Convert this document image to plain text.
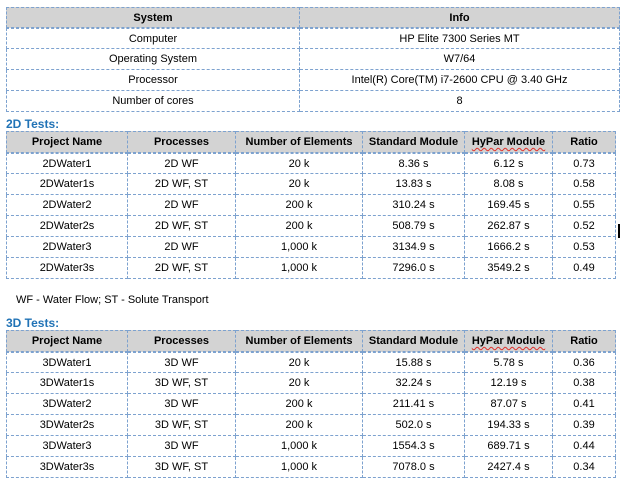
System	Info
Computer	HP Elite 7300 Series MT
Operating System	W7/64
Processor	Intel(R) Core(TM) i7-2600 CPU @ 3.40 GHz
Number of cores	8
2D Tests:
Project Name	Processes	Number of Elements	Standard Module	HyPar Module	Ratio
2DWater1	2D WF	20 k	8.36 s	6.12 s	0.73
2DWater1s	2D WF, ST	20 k	13.83 s	8.08 s	0.58
2DWater2	2D WF	200 k	310.24 s	169.45 s	0.55
2DWater2s	2D WF, ST	200 k	508.79 s	262.87 s	0.52
2DWater3	2D WF	1,000 k	3134.9 s	1666.2 s	0.53
2DWater3s	2D WF, ST	1,000 k	7296.0 s	3549.2 s	0.49
WF - Water Flow; ST - Solute Transport
3D Tests:
Project Name	Processes	Number of Elements	Standard Module	HyPar Module	Ratio
3DWater1	3D WF	20 k	15.88 s	5.78 s	0.36
3DWater1s	3D WF, ST	20 k	32.24 s	12.19 s	0.38
3DWater2	3D WF	200 k	211.41 s	87.07 s	0.41
3DWater2s	3D WF, ST	200 k	502.0 s	194.33 s	0.39
3DWater3	3D WF	1,000 k	1554.3 s	689.71 s	0.44
3DWater3s	3D WF, ST	1,000 k	7078.0 s	2427.4 s	0.34
